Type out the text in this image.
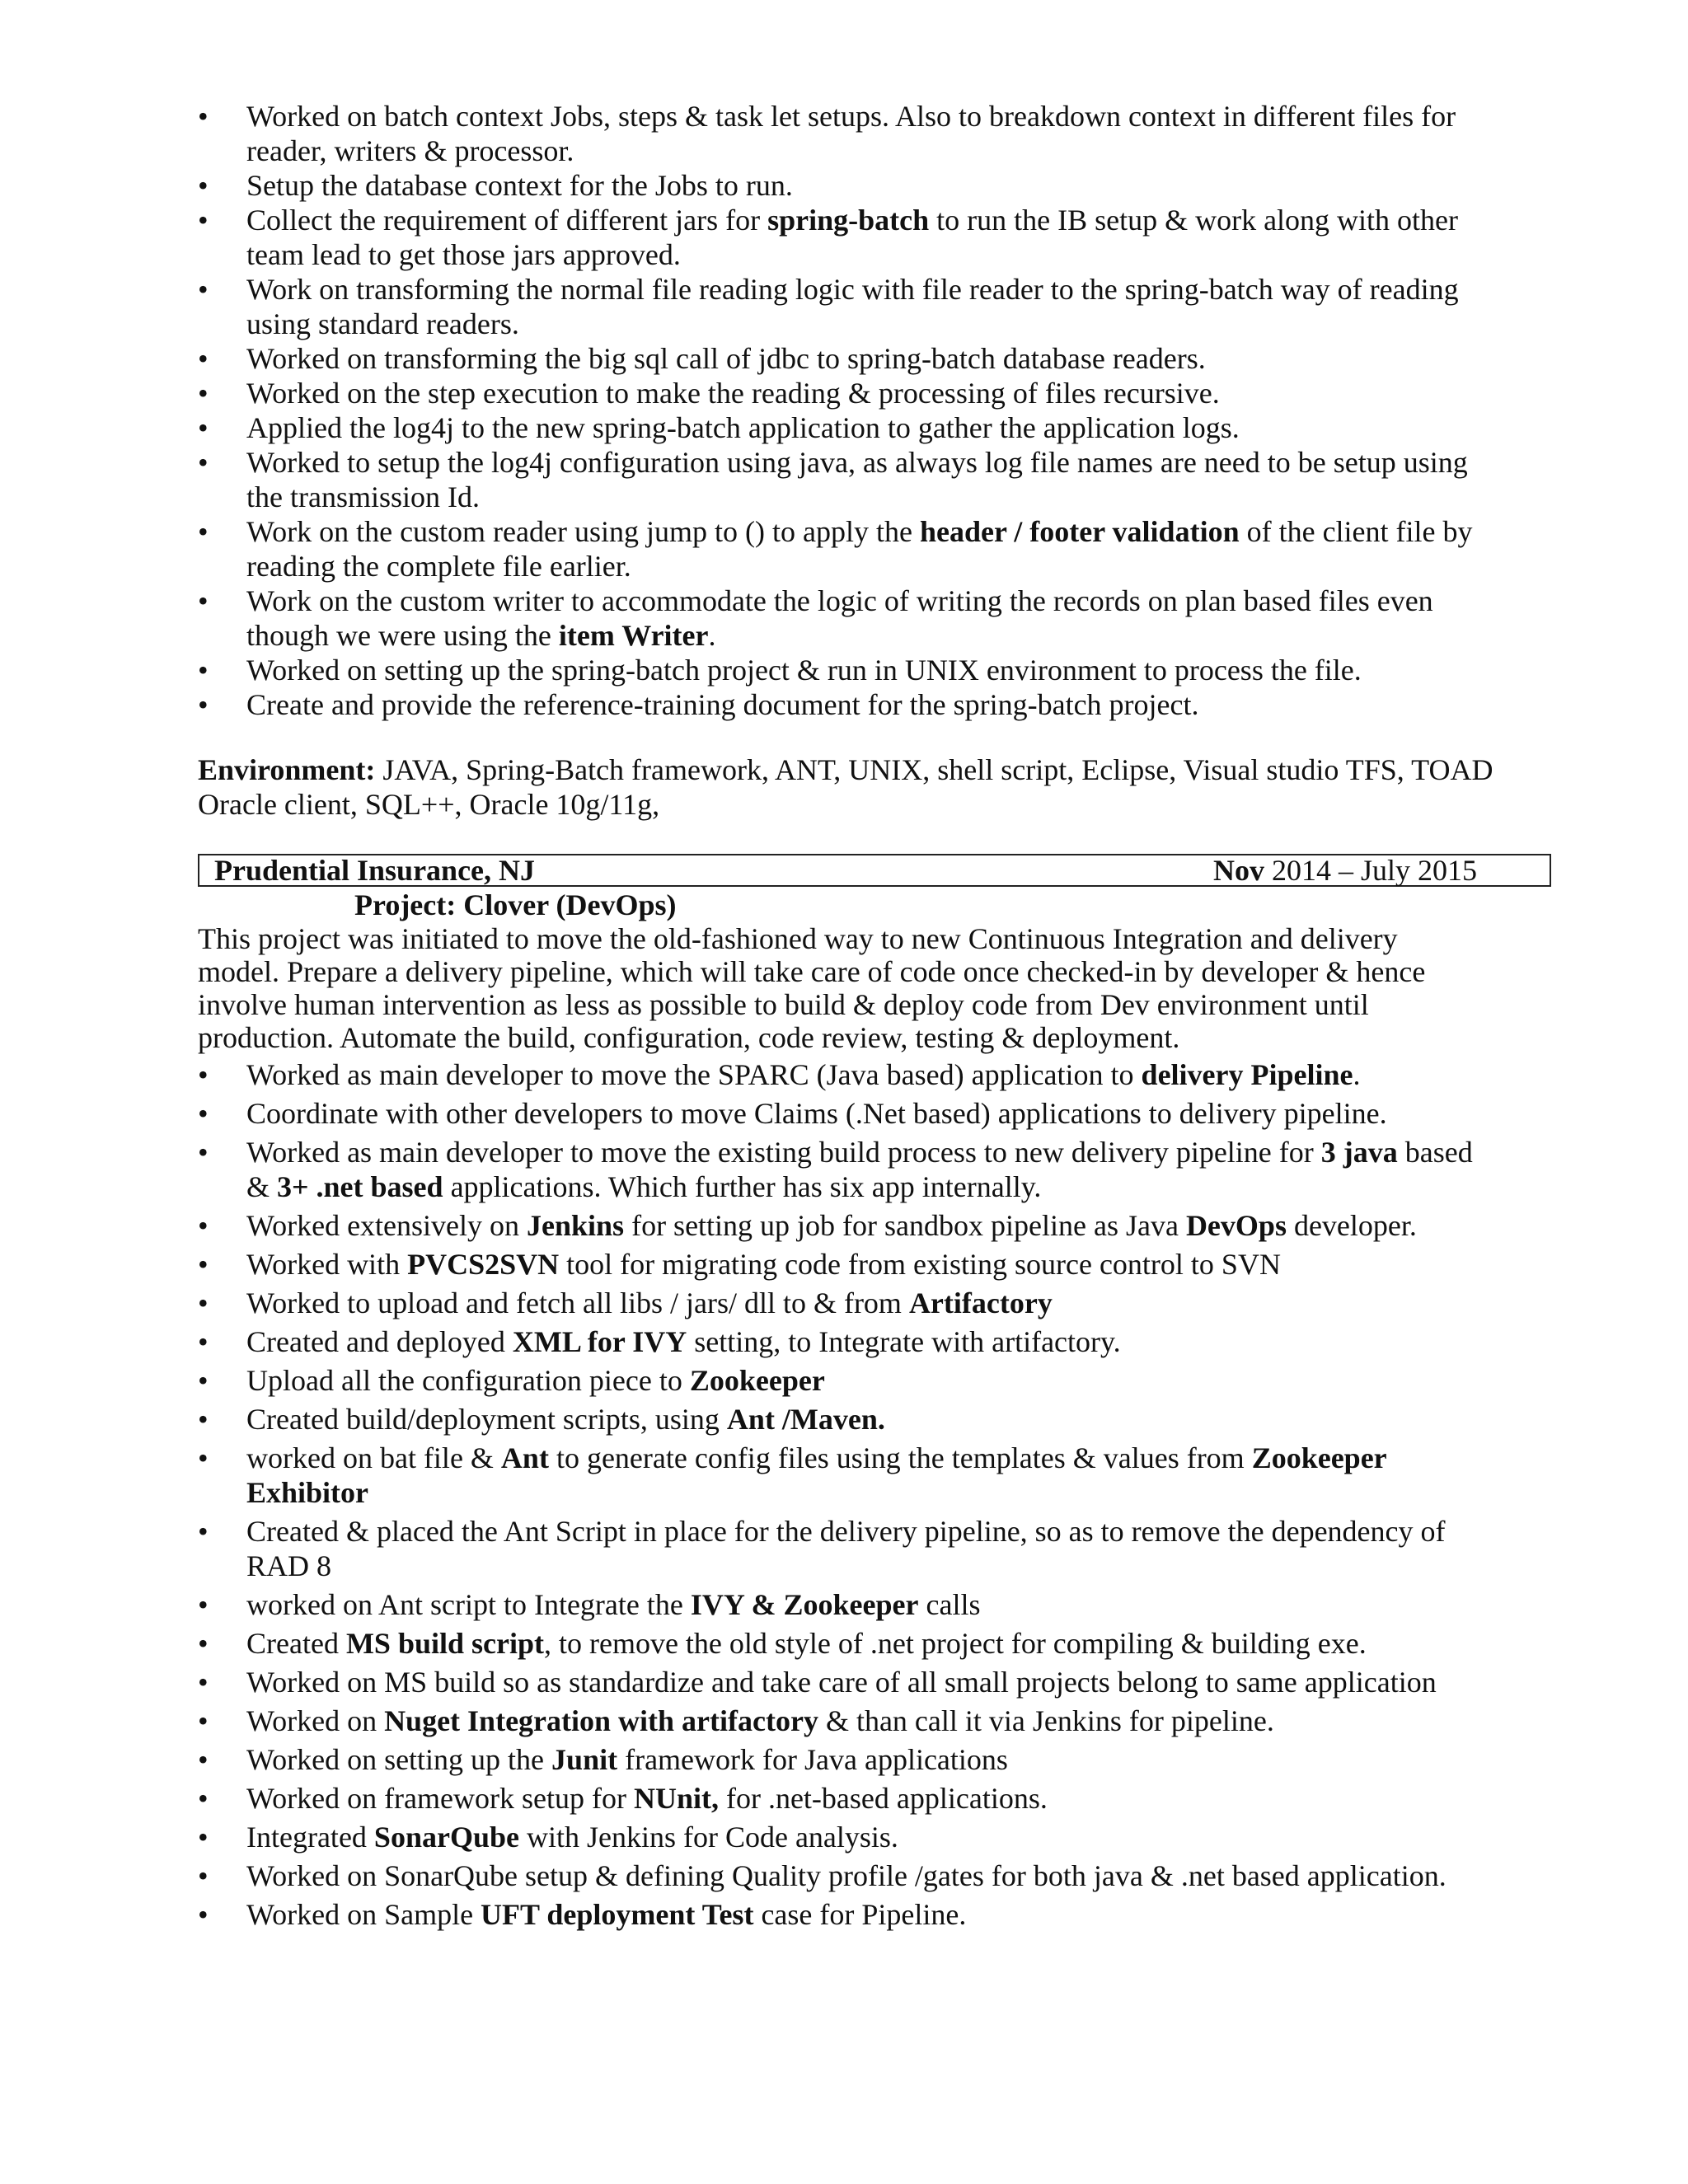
• Worked on batch context Jobs, steps & task let setups. Also to breakdown context in different files for reader, writers & processor.
• Setup the database context for the Jobs to run.
• Collect the requirement of different jars for spring-batch to run the IB setup & work along with other team lead to get those jars approved.
• Work on transforming the normal file reading logic with file reader to the spring-batch way of reading using standard readers.
• Worked on transforming the big sql call of jdbc to spring-batch database readers.
• Worked on the step execution to make the reading & processing of files recursive.
• Applied the log4j to the new spring-batch application to gather the application logs.
• Worked to setup the log4j configuration using java, as always log file names are need to be setup using the transmission Id.
• Work on the custom reader using jump to () to apply the header / footer validation of the client file by reading the complete file earlier.
• Work on the custom writer to accommodate the logic of writing the records on plan based files even though we were using the item Writer.
• Worked on setting up the spring-batch project & run in UNIX environment to process the file.
• Create and provide the reference-training document for the spring-batch project.
Environment: JAVA, Spring-Batch framework, ANT, UNIX, shell script, Eclipse, Visual studio TFS, TOAD Oracle client, SQL++, Oracle 10g/11g,
Prudential Insurance, NJ	Nov 2014 – July 2015
Project: Clover (DevOps)
This project was initiated to move the old-fashioned way to new Continuous Integration and delivery model. Prepare a delivery pipeline, which will take care of code once checked-in by developer & hence involve human intervention as less as possible to build & deploy code from Dev environment until production. Automate the build, configuration, code review, testing & deployment.
• Worked as main developer to move the SPARC (Java based) application to delivery Pipeline.
• Coordinate with other developers to move Claims (.Net based) applications to delivery pipeline.
• Worked as main developer to move the existing build process to new delivery pipeline for 3 java based & 3+ .net based applications. Which further has six app internally.
• Worked extensively on Jenkins for setting up job for sandbox pipeline as Java DevOps developer.
• Worked with PVCS2SVN tool for migrating code from existing source control to SVN
• Worked to upload and fetch all libs / jars/ dll to & from Artifactory
• Created and deployed XML for IVY setting, to Integrate with artifactory.
• Upload all the configuration piece to Zookeeper
• Created build/deployment scripts, using Ant /Maven.
• worked on bat file & Ant to generate config files using the templates & values from Zookeeper Exhibitor
• Created & placed the Ant Script in place for the delivery pipeline, so as to remove the dependency of RAD 8
• worked on Ant script to Integrate the IVY & Zookeeper calls
• Created MS build script, to remove the old style of .net project for compiling & building exe.
• Worked on MS build so as standardize and take care of all small projects belong to same application
• Worked on Nuget Integration with artifactory & than call it via Jenkins for pipeline.
• Worked on setting up the Junit framework for Java applications
• Worked on framework setup for NUnit, for .net-based applications.
• Integrated SonarQube with Jenkins for Code analysis.
• Worked on SonarQube setup & defining Quality profile /gates for both java & .net based application.
• Worked on Sample UFT deployment Test case for Pipeline.
